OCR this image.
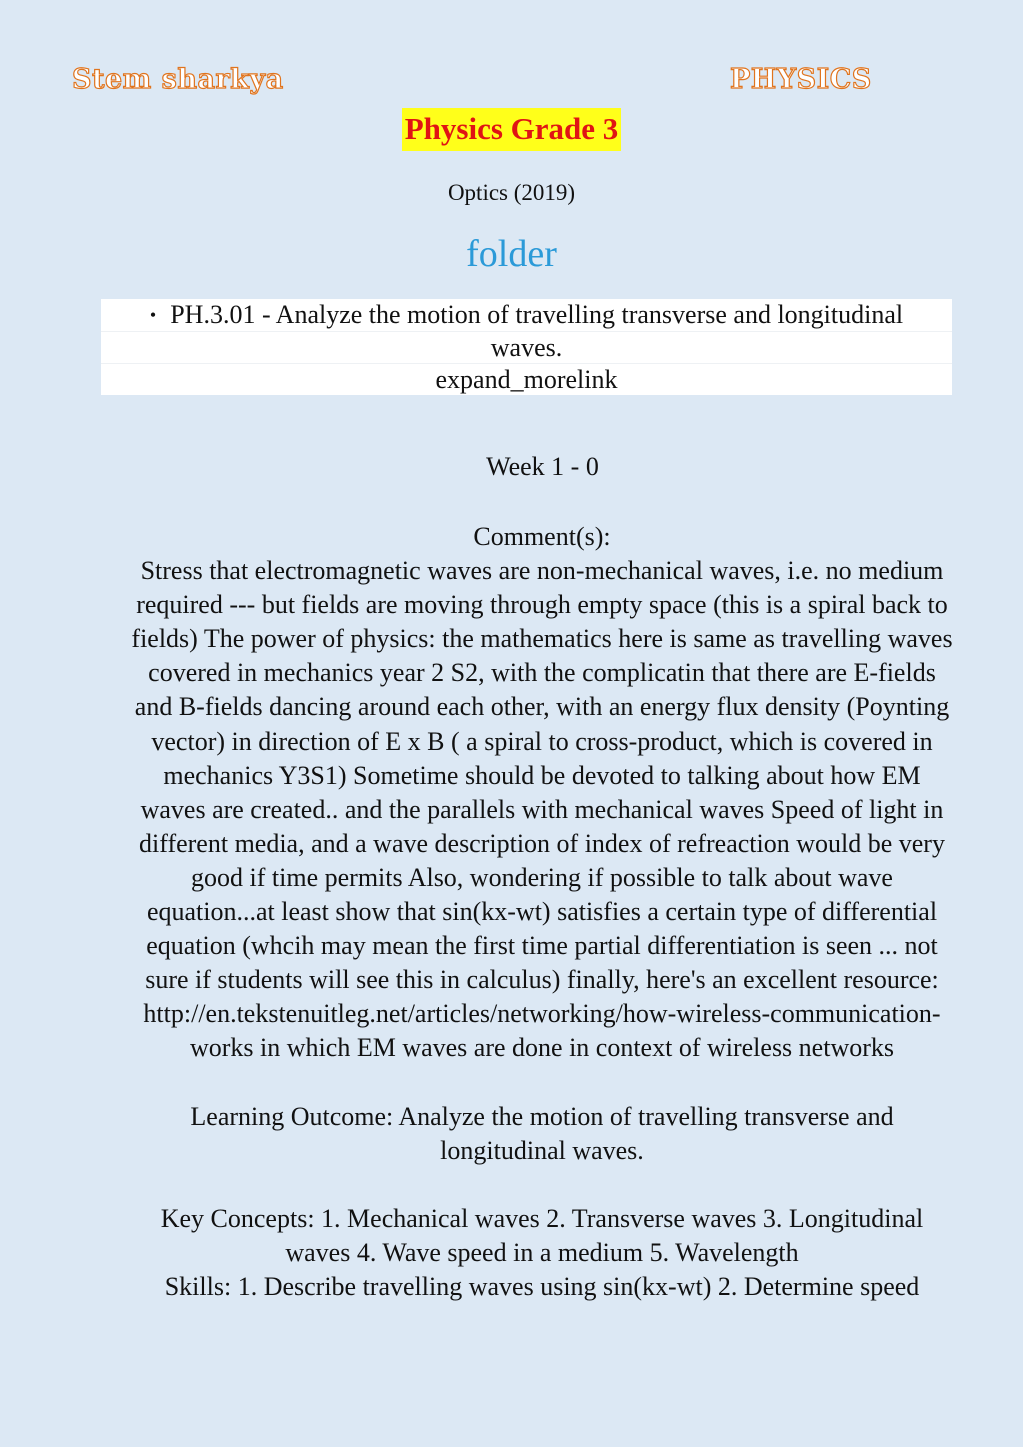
Stem sharkya	PHYSICS
Physics Grade 3
Optics (2019)
folder
• PH.3.01 - Analyze the motion of travelling transverse and longitudinal
waves.
expand_morelink
Week 1 - 0
Comment(s):
Stress that electromagnetic waves are non-mechanical waves, i.e. no medium required --- but fields are moving through empty space (this is a spiral back to fields) The power of physics: the mathematics here is same as travelling waves covered in mechanics year 2 S2, with the complicatin that there are E-fields and B-fields dancing around each other, with an energy flux density (Poynting vector) in direction of E x B ( a spiral to cross-product, which is covered in mechanics Y3S1) Sometime should be devoted to talking about how EM waves are created.. and the parallels with mechanical waves Speed of light in different media, and a wave description of index of refreaction would be very good if time permits Also, wondering if possible to talk about wave equation...at least show that sin(kx-wt) satisfies a certain type of differential equation (whcih may mean the first time partial differentiation is seen ... not sure if students will see this in calculus) finally, here's an excellent resource: http://en.tekstenuitleg.net/articles/networking/how-wireless-communication-works in which EM waves are done in context of wireless networks
Learning Outcome: Analyze the motion of travelling transverse and longitudinal waves.
Key Concepts: 1. Mechanical waves 2. Transverse waves 3. Longitudinal waves 4. Wave speed in a medium 5. Wavelength
Skills: 1. Describe travelling waves using sin(kx-wt) 2. Determine speed
